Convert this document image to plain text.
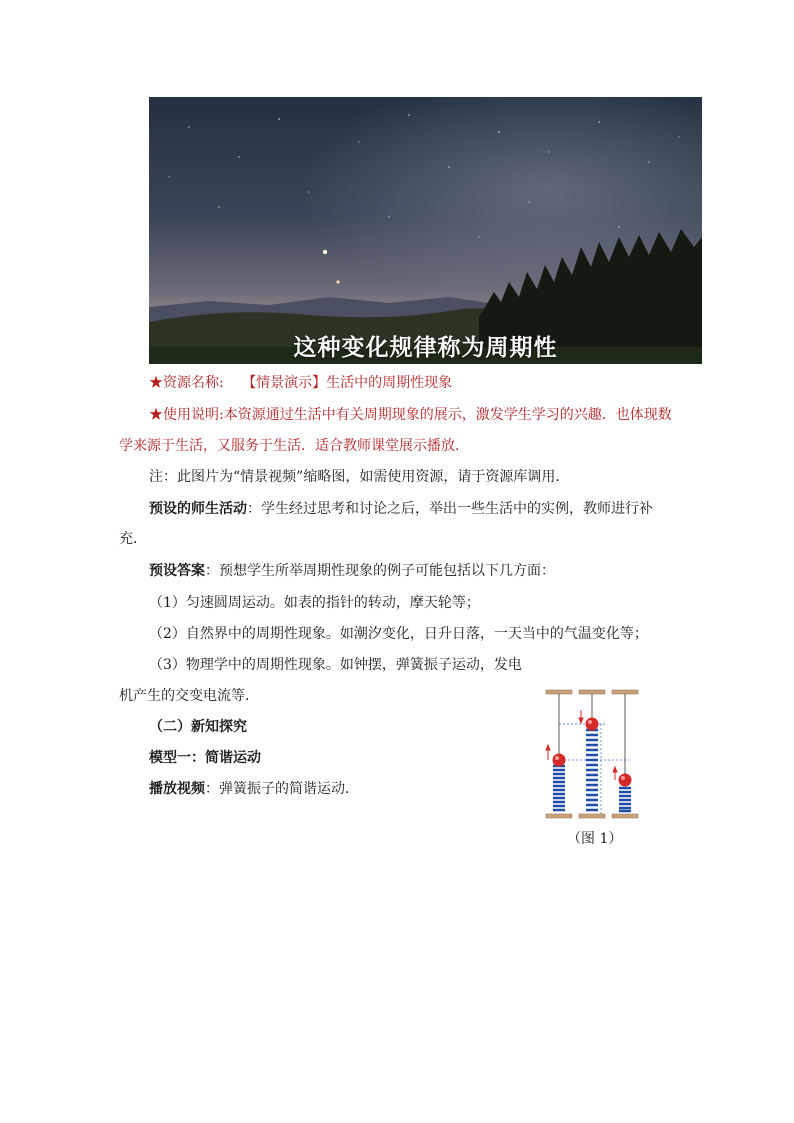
这种变化规律称为周期性
★资源名称: 【情景演示】生活中的周期性现象
★使用说明:本资源通过生活中有关周期现象的展示，激发学生学习的兴趣．也体现数
学来源于生活，又服务于生活．适合教师课堂展示播放．
注：此图片为“情景视频”缩略图，如需使用资源，请于资源库调用．
预设的师生活动：学生经过思考和讨论之后，举出一些生活中的实例，教师进行补
充．
预设答案：预想学生所举周期性现象的例子可能包括以下几方面：
（1）匀速圆周运动。如表的指针的转动，摩天轮等；
（2）自然界中的周期性现象。如潮汐变化，日升日落，一天当中的气温变化等；
（3）物理学中的周期性现象。如钟摆，弹簧振子运动，发电
机产生的交变电流等．
（二）新知探究
模型一：简谐运动
播放视频：弹簧振子的简谐运动．
（图 1）
